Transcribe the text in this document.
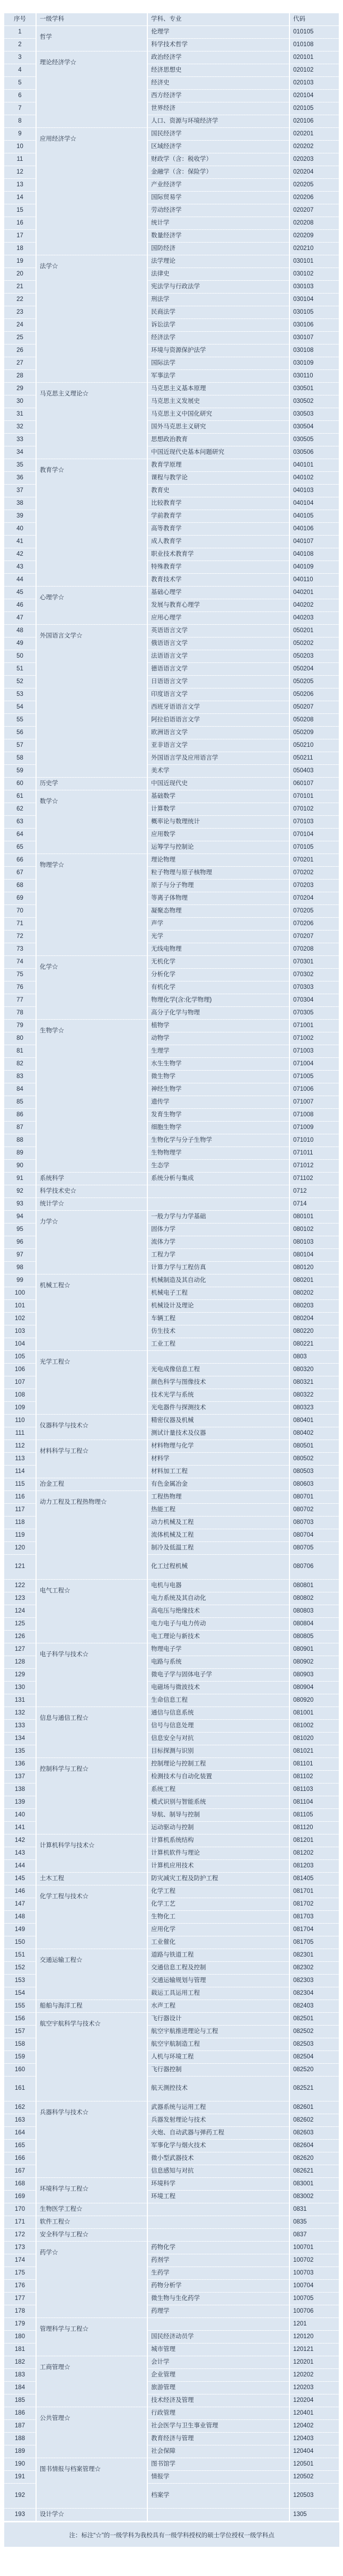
序号	一级学科	学科、专业	代码
1	哲学	伦理学	010105
2		科学技术哲学	010108
3	理论经济学☆	政治经济学	020101
4		经济思想史	020102
5		经济史	020103
6		西方经济学	020104
7		世界经济	020105
8		人口、资源与环境经济学	020106
9	应用经济学☆	国民经济学	020201
10		区域经济学	020202
11		财政学（含：税收学）	020203
12		金融学（含：保险学）	020204
13		产业经济学	020205
14		国际贸易学	020206
15		劳动经济学	020207
16		统计学	020208
17		数量经济学	020209
18		国防经济	020210
19	法学☆	法学理论	030101
20		法律史	030102
21		宪法学与行政法学	030103
22		刑法学	030104
23		民商法学	030105
24		诉讼法学	030106
25		经济法学	030107
26		环境与资源保护法学	030108
27		国际法学	030109
28		军事法学	030110
29	马克思主义理论☆	马克思主义基本原理	030501
30		马克思主义发展史	030502
31		马克思主义中国化研究	030503
32		国外马克思主义研究	030504
33		思想政治教育	030505
34		中国近现代史基本问题研究	030506
35	教育学☆	教育学原理	040101
36		课程与教学论	040102
37		教育史	040103
38		比较教育学	040104
39		学前教育学	040105
40		高等教育学	040106
41		成人教育学	040107
42		职业技术教育学	040108
43		特殊教育学	040109
44		教育技术学	040110
45	心理学☆	基础心理学	040201
46		发展与教育心理学	040202
47		应用心理学	040203
48	外国语言文学☆	英语语言文学	050201
49		俄语语言文学	050202
50		法语语言文学	050203
51		德语语言文学	050204
52		日语语言文学	050205
53		印度语言文学	050206
54		西班牙语语言文学	050207
55		阿拉伯语语言文学	050208
56		欧洲语言文学	050209
57		亚非语言文学	050210
58		外国语言学及应用语言学	050211
59		美术学	050403
60	历史学	中国近现代史	060107
61	数学☆	基础数学	070101
62		计算数学	070102
63		概率论与数理统计	070103
64		应用数学	070104
65		运筹学与控制论	070105
66	物理学☆	理论物理	070201
67		粒子物理与原子核物理	070202
68		原子与分子物理	070203
69		等离子体物理	070204
70		凝聚态物理	070205
71		声学	070206
72		光学	070207
73		无线电物理	070208
74	化学☆	无机化学	070301
75		分析化学	070302
76		有机化学	070303
77		物理化学(含:化学物理)	070304
78		高分子化学与物理	070305
79	生物学☆	植物学	071001
80		动物学	071002
81		生理学	071003
82		水生生物学	071004
83		微生物学	071005
84		神经生物学	071006
85		遗传学	071007
86		发育生物学	071008
87		细胞生物学	071009
88		生物化学与分子生物学	071010
89		生物物理学	071011
90		生态学	071012
91	系统科学	系统分析与集成	071102
92	科学技术史☆		0712
93	统计学☆		0714
94	力学☆	一般力学与力学基础	080101
95		固体力学	080102
96		流体力学	080103
97		工程力学	080104
98		计算力学与工程仿真	080120
99	机械工程☆	机械制造及其自动化	080201
100		机械电子工程	080202
101		机械设计及理论	080203
102		车辆工程	080204
103		仿生技术	080220
104		工业工程	080221
105	光学工程☆		0803
106		光电成像信息工程	080320
107		颜色科学与图像技术	080321
108		技术光学与系统	080322
109		光电器件与探测技术	080323
110	仪器科学与技术☆	精密仪器及机械	080401
111		测试计量技术及仪器	080402
112	材料科学与工程☆	材料物理与化学	080501
113		材料学	080502
114		材料加工工程	080503
115	冶金工程	有色金属冶金	080603
116	动力工程及工程热物理☆	工程热物理	080701
117		热能工程	080702
118		动力机械及工程	080703
119		流体机械及工程	080704
120		制冷及低温工程	080705
121		化工过程机械	080706
122	电气工程☆	电机与电器	080801
123		电力系统及其自动化	080802
124		高电压与绝缘技术	080803
125		电力电子与电力传动	080804
126		电工理论与新技术	080805
127	电子科学与技术☆	物理电子学	080901
128		电路与系统	080902
129		微电子学与固体电子学	080903
130		电磁场与微波技术	080904
131		生命信息工程	080920
132	信息与通信工程☆	通信与信息系统	081001
133		信号与信息处理	081002
134		信息安全与对抗	081020
135		目标探测与识别	081021
136	控制科学与工程☆	控制理论与控制工程	081101
137		检测技术与自动化装置	081102
138		系统工程	081103
139		模式识别与智能系统	081104
140		导航、制导与控制	081105
141		运动驱动与控制	081120
142	计算机科学与技术☆	计算机系统结构	081201
143		计算机软件与理论	081202
144		计算机应用技术	081203
145	土木工程	防灾减灾工程及防护工程	081405
146	化学工程与技术☆	化学工程	081701
147		化学工艺	081702
148		生物化工	081703
149		应用化学	081704
150		工业催化	081705
151	交通运输工程☆	道路与铁道工程	082301
152		交通信息工程及控制	082302
153		交通运输规划与管理	082303
154		载运工具运用工程	082304
155	船舶与海洋工程	水声工程	082403
156	航空宇航科学与技术☆	飞行器设计	082501
157		航空宇航推进理论与工程	082502
158		航空宇航制造工程	082503
159		人机与环境工程	082504
160		飞行器控制	082520
161		航天测控技术	082521
162	兵器科学与技术☆	武器系统与运用工程	082601
163		兵器发射理论与技术	082602
164		火炮、自动武器与弹药工程	082603
165		军事化学与烟火技术	082604
166		微小型武器技术	082620
167		信息感知与对抗	082621
168	环境科学与工程☆	环境科学	083001
169		环境工程	083002
170	生物医学工程☆		0831
171	软件工程☆		0835
172	安全科学与工程☆		0837
173	药学☆	药物化学	100701
174		药剂学	100702
175		生药学	100703
176		药物分析学	100704
177		微生物与生化药学	100705
178		药理学	100706
179	管理科学与工程☆		1201
180		国民经济动员学	120120
181		城市管理	120121
182	工商管理☆	会计学	120201
183		企业管理	120202
184		旅游管理	120203
185		技术经济及管理	120204
186	公共管理☆	行政管理	120401
187		社会医学与卫生事业管理	120402
188		教育经济与管理	120403
189		社会保障	120404
190	图书情报与档案管理☆	图书馆学	120501
191		情报学	120502
192		档案学	120503
193	设计学☆		1305
注：标注“☆”的一级学科为我校具有一级学科授权的硕士学位授权一级学科点
